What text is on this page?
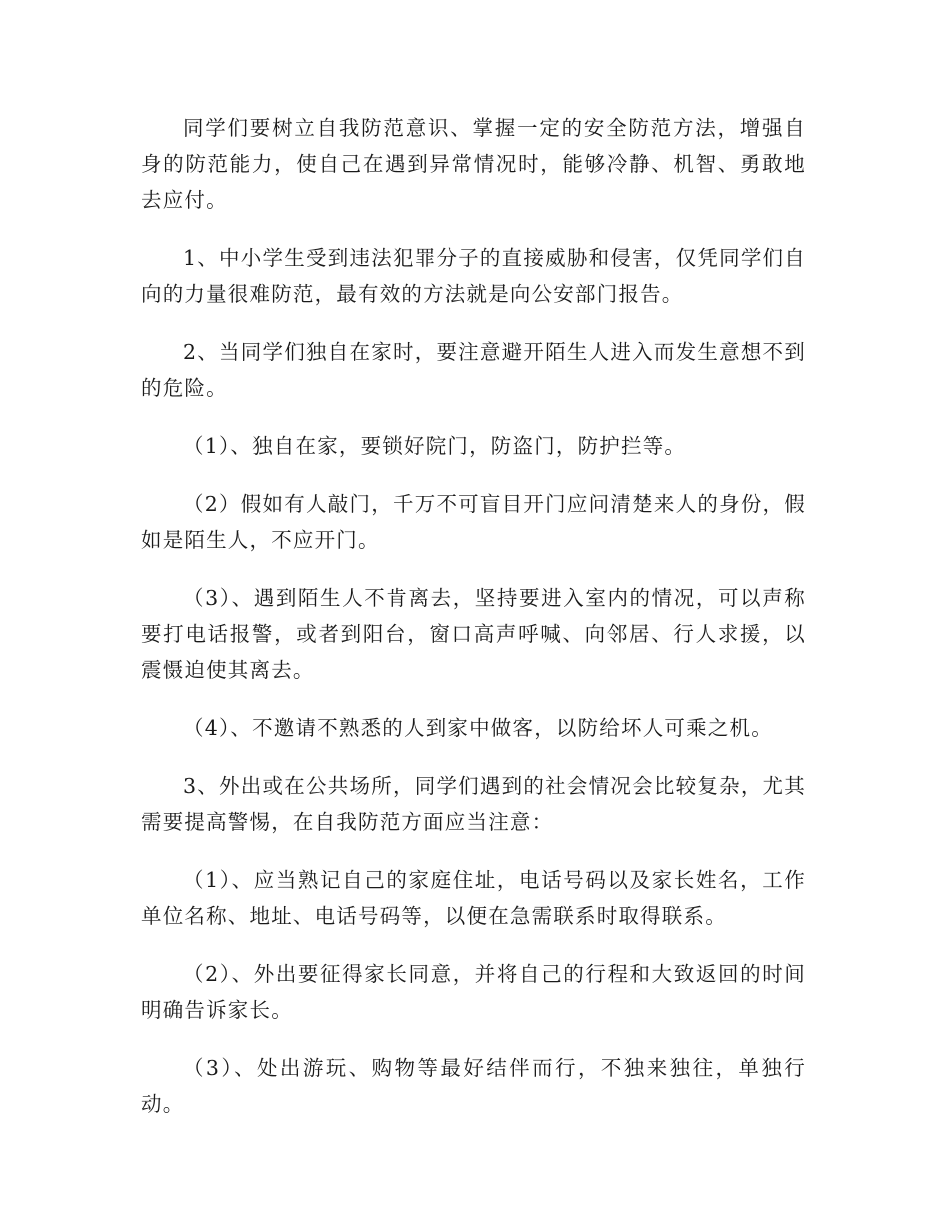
同学们要树立自我防范意识、掌握一定的安全防范方法，增强自身的防范能力，使自己在遇到异常情况时，能够冷静、机智、勇敢地去应付。

1、中小学生受到违法犯罪分子的直接威胁和侵害，仅凭同学们自向的力量很难防范，最有效的方法就是向公安部门报告。

2、当同学们独自在家时，要注意避开陌生人进入而发生意想不到的危险。

（1）、独自在家，要锁好院门，防盗门，防护拦等。

（2）假如有人敲门，千万不可盲目开门应问清楚来人的身份，假如是陌生人，不应开门。

（3）、遇到陌生人不肯离去，坚持要进入室内的情况，可以声称要打电话报警，或者到阳台，窗口高声呼喊、向邻居、行人求援，以震慑迫使其离去。

（4）、不邀请不熟悉的人到家中做客，以防给坏人可乘之机。

3、外出或在公共场所，同学们遇到的社会情况会比较复杂，尤其需要提高警惕，在自我防范方面应当注意：

（1）、应当熟记自己的家庭住址，电话号码以及家长姓名，工作单位名称、地址、电话号码等，以便在急需联系时取得联系。

（2）、外出要征得家长同意，并将自己的行程和大致返回的时间明确告诉家长。

（3）、处出游玩、购物等最好结伴而行，不独来独往，单独行动。
